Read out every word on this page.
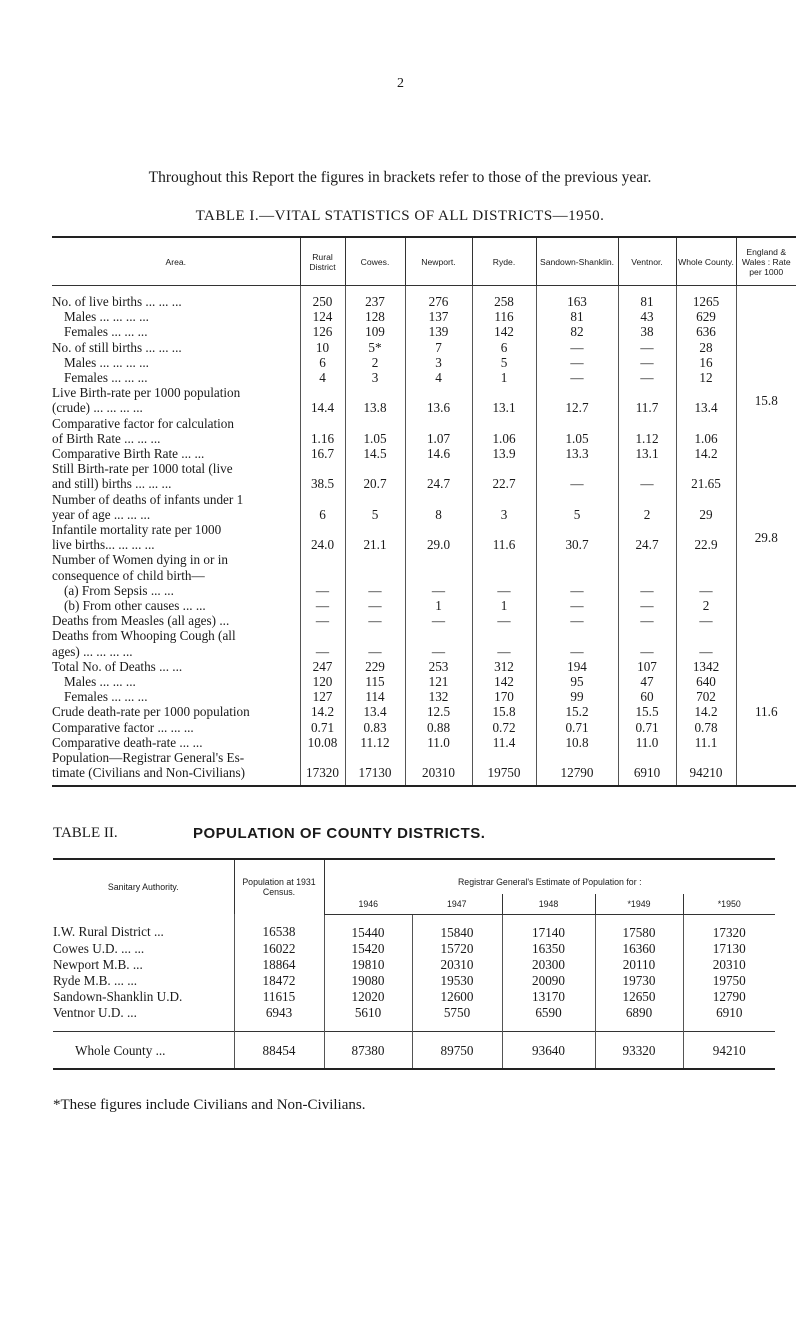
2
Throughout this Report the figures in brackets refer to those of the previous year.
TABLE I.—VITAL STATISTICS OF ALL DISTRICTS—1950.
Area.	Rural District	Cowes.	Newport.	Ryde.	Sandown-Shanklin.	Ventnor.	Whole County.	England & Wales : Rate per 1000

No. of live births ... ... ...	250	237	276	258	163	81	1265	

Males ... ... ... ...	124	128	137	116	81	43	629	

Females ... ... ...	126	109	139	142	82	38	636	

No. of still births ... ... ...	10	5*	7	6	—	—	28	

Males ... ... ... ...	6	2	3	5	—	—	16	

Females ... ... ...	4	3	4	1	—	—	12	

Live Birth-rate per 1000 population
(crude) ... ... ... ...	14.4	13.8	13.6	13.1	12.7	11.7	13.4	15.8

Comparative factor for calculation
of Birth Rate ... ... ...	1.16	1.05	1.07	1.06	1.05	1.12	1.06	

Comparative Birth Rate ... ...	16.7	14.5	14.6	13.9	13.3	13.1	14.2	

Still Birth-rate per 1000 total (live
and still) births ... ... ...	38.5	20.7	24.7	22.7	—	—	21.65	

Number of deaths of infants under 1
year of age ... ... ...	6	5	8	3	5	2	29	

Infantile mortality rate per 1000
live births... ... ... ...	24.0	21.1	29.0	11.6	30.7	24.7	22.9	29.8

Number of Women dying in or in
consequence of child birth—
(a) From Sepsis ... ...	—	—	—	—	—	—	—	

(b) From other causes ... ...	—	—	1	1	—	—	2	

Deaths from Measles (all ages) ...	—	—	—	—	—	—	—	

Deaths from Whooping Cough (all
ages) ... ... ... ...	—	—	—	—	—	—	—	

Total No. of Deaths ... ...	247	229	253	312	194	107	1342	

Males ... ... ...	120	115	121	142	95	47	640	

Females ... ... ...	127	114	132	170	99	60	702	

Crude death-rate per 1000 population	14.2	13.4	12.5	15.8	15.2	15.5	14.2	11.6

Comparative factor ... ... ...	0.71	0.83	0.88	0.72	0.71	0.71	0.78	

Comparative death-rate ... ...	10.08	11.12	11.0	11.4	10.8	11.0	11.1	

Population—Registrar General's Es-
timate (Civilians and Non-Civilians)	17320	17130	20310	19750	12790	6910	94210	
TABLE II.	POPULATION OF COUNTY DISTRICTS.
Sanitary Authority.	Population at 1931 Census.	Registrar General's Estimate of Population for :				
		1946	1947	1948	*1949	*1950
I.W. Rural District ...	16538	15440	15840	17140	17580	17320
Cowes U.D. ... ...	16022	15420	15720	16350	16360	17130
Newport M.B. ...	18864	19810	20310	20300	20110	20310
Ryde M.B. ... ...	18472	19080	19530	20090	19730	19750
Sandown-Shanklin U.D.	11615	12020	12600	13170	12650	12790
Ventnor U.D. ...	6943	5610	5750	6590	6890	6910
Whole County ...	88454	87380	89750	93640	93320	94210
*These figures include Civilians and Non-Civilians.
